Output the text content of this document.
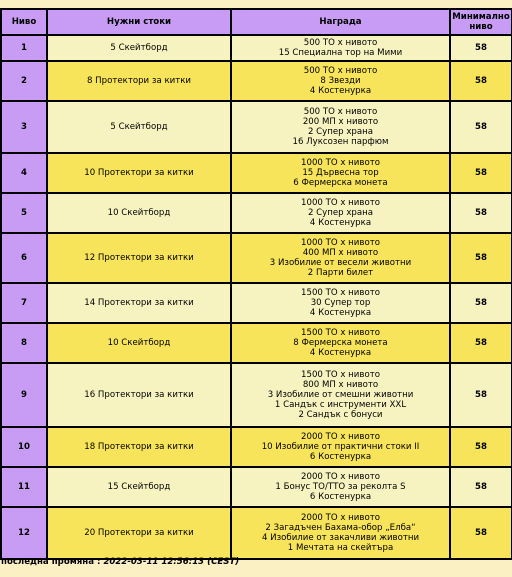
Ниво	Нужни стоки	Награда	Минимално ниво
1	5 Скейтборд	500 ТО x нивото
15 Специална тор на Мими	58
2	8 Протектори за китки	500 ТО x нивото
8 Звезди
4 Костенурка	58
3	5 Скейтборд	500 ТО x нивото
200 МП x нивото
2 Супер храна
16 Луксозен парфюм	58
4	10 Протектори за китки	1000 ТО x нивото
15 Дървесна тор
6 Фермерска монета	58
5	10 Скейтборд	1000 ТО x нивото
2 Супер храна
4 Костенурка	58
6	12 Протектори за китки	1000 ТО x нивото
400 МП x нивото
3 Изобилие от весели животни
2 Парти билет	58
7	14 Протектори за китки	1500 ТО x нивото
30 Супер тор
4 Костенурка	58
8	10 Скейтборд	1500 ТО x нивото
8 Фермерска монета
4 Костенурка	58
9	16 Протектори за китки	1500 ТО x нивото
800 МП x нивото
3 Изобилие от смешни животни
1 Сандък с инструменти XXL
2 Сандък с бонуси	58
10	18 Протектори за китки	2000 ТО x нивото
10 Изобилие от практични стоки II
6 Костенурка	58
11	15 Скейтборд	2000 ТО x нивото
1 Бонус ТО/ТТО за реколта S
6 Костенурка	58
12	20 Протектори за китки	2000 ТО x нивото
2 Загадъчен Бахама-обор „Елба“
4 Изобилие от закачливи животни
1 Мечтата на скейтъра	58
последна промяна : 2022-03-11 12:56:13 (CEST)
